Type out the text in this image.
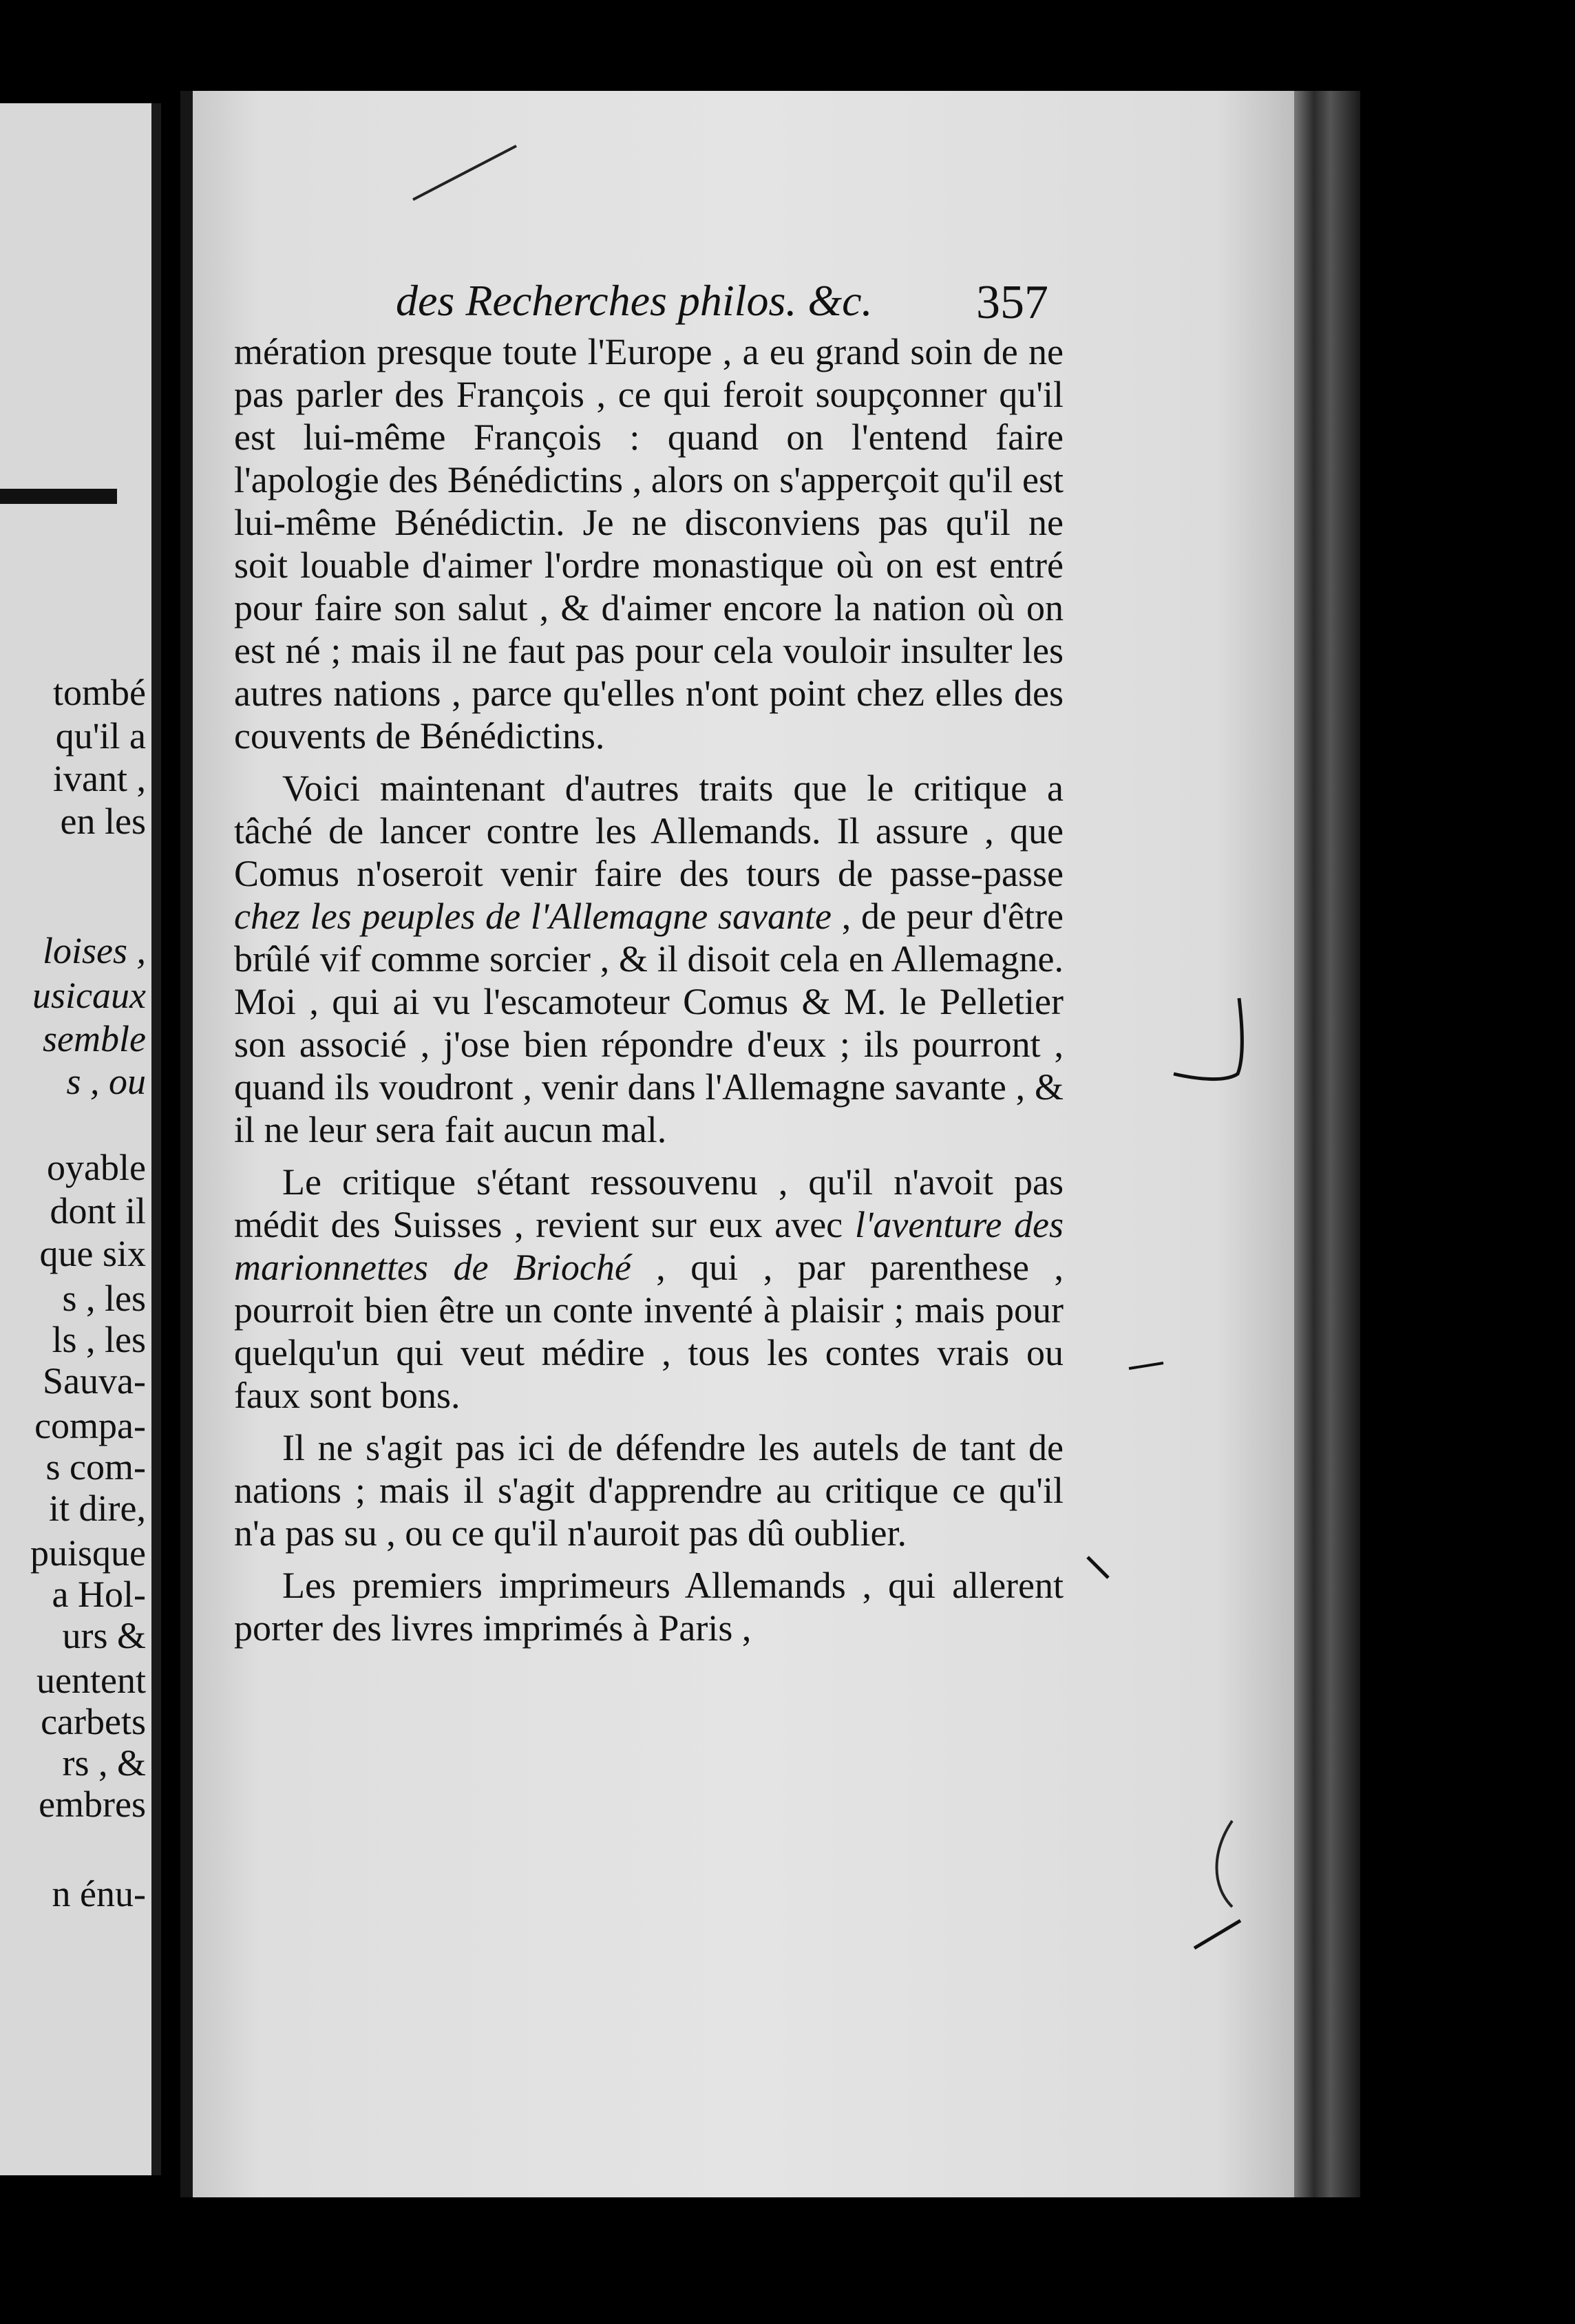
tombé
qu'il a
ivant ,
en les
loises ,
usicaux
semble
s , ou
oyable
dont il
que six
s , les
ls , les
Sauva-
compa-
s com-
it dire,
puisque
a Hol-
urs &
uentent
carbets
rs , &
embres
n énu-
des Recherches philos. &c. 357

mération presque toute l'Europe , a eu grand soin de ne pas parler des François , ce qui feroit soupçonner qu'il est lui-même François : quand on l'entend faire l'apologie des Bénédictins , alors on s'apperçoit qu'il est lui-même Bénédictin. Je ne disconviens pas qu'il ne soit louable d'aimer l'ordre monastique où on est entré pour faire son salut , & d'aimer encore la nation où on est né ; mais il ne faut pas pour cela vouloir insulter les autres nations , parce qu'elles n'ont point chez elles des couvents de Bénédictins.

Voici maintenant d'autres traits que le critique a tâché de lancer contre les Allemands. Il assure , que Comus n'oseroit venir faire des tours de passe-passe chez les peuples de l'Allemagne savante , de peur d'être brûlé vif comme sorcier , & il disoit cela en Allemagne. Moi , qui ai vu l'escamoteur Comus & M. le Pelletier son associé , j'ose bien répondre d'eux ; ils pourront , quand ils voudront , venir dans l'Allemagne savante , & il ne leur sera fait aucun mal.

Le critique s'étant ressouvenu , qu'il n'avoit pas médit des Suisses , revient sur eux avec l'aventure des marionnettes de Brioché , qui , par parenthese , pourroit bien être un conte inventé à plaisir ; mais pour quelqu'un qui veut médire , tous les contes vrais ou faux sont bons.

Il ne s'agit pas ici de défendre les autels de tant de nations ; mais il s'agit d'apprendre au critique ce qu'il n'a pas su , ou ce qu'il n'auroit pas dû oublier.

Les premiers imprimeurs Allemands , qui allerent porter des livres imprimés à Paris ,
